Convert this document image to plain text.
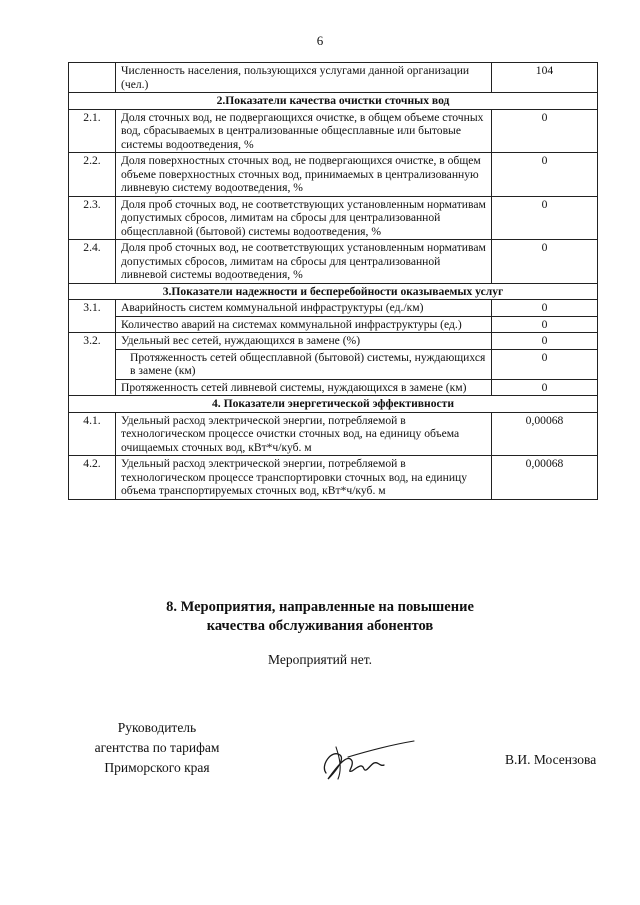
6
	Численность населения, пользующихся услугами данной организации (чел.)	104
2.Показатели качества очистки сточных вод		
2.1.	Доля сточных вод, не подвергающихся очистке, в общем объеме сточных вод, сбрасываемых в централизованные общесплавные или бытовые системы водоотведения, %	0
2.2.	Доля поверхностных сточных вод, не подвергающихся очистке, в общем объеме поверхностных сточных вод, принимаемых в централизованную ливневую систему водоотведения, %	0
2.3.	Доля проб сточных вод, не соответствующих установленным нормативам допустимых сбросов, лимитам на сбросы для централизованной общесплавной (бытовой) системы водоотведения, %	0
2.4.	Доля проб сточных вод, не соответствующих установленным нормативам допустимых сбросов, лимитам на сбросы для централизованной ливневой системы водоотведения, %	0
3.Показатели надежности и бесперебойности оказываемых услуг		
3.1.	Аварийность систем коммунальной инфраструктуры (ед./км)	0
	Количество аварий на системах коммунальной инфраструктуры (ед.)	0
3.2.	Удельный вес сетей, нуждающихся в замене (%)	0
	Протяженность сетей общесплавной (бытовой) системы, нуждающихся в замене (км)	0
	Протяженность сетей ливневой системы, нуждающихся в замене (км)	0
4. Показатели энергетической эффективности		
4.1.	Удельный расход электрической энергии, потребляемой в технологическом процессе очистки сточных вод, на единицу объема очищаемых сточных вод, кВт*ч/куб. м	0,00068
4.2.	Удельный расход электрической энергии, потребляемой в технологическом процессе транспортировки сточных вод, на единицу объема транспортируемых сточных вод, кВт*ч/куб. м	0,00068
8. Мероприятия, направленные на повышение
качества обслуживания абонентов
Мероприятий нет.
Руководитель
агентства по тарифам
Приморского края
В.И. Мосензова
